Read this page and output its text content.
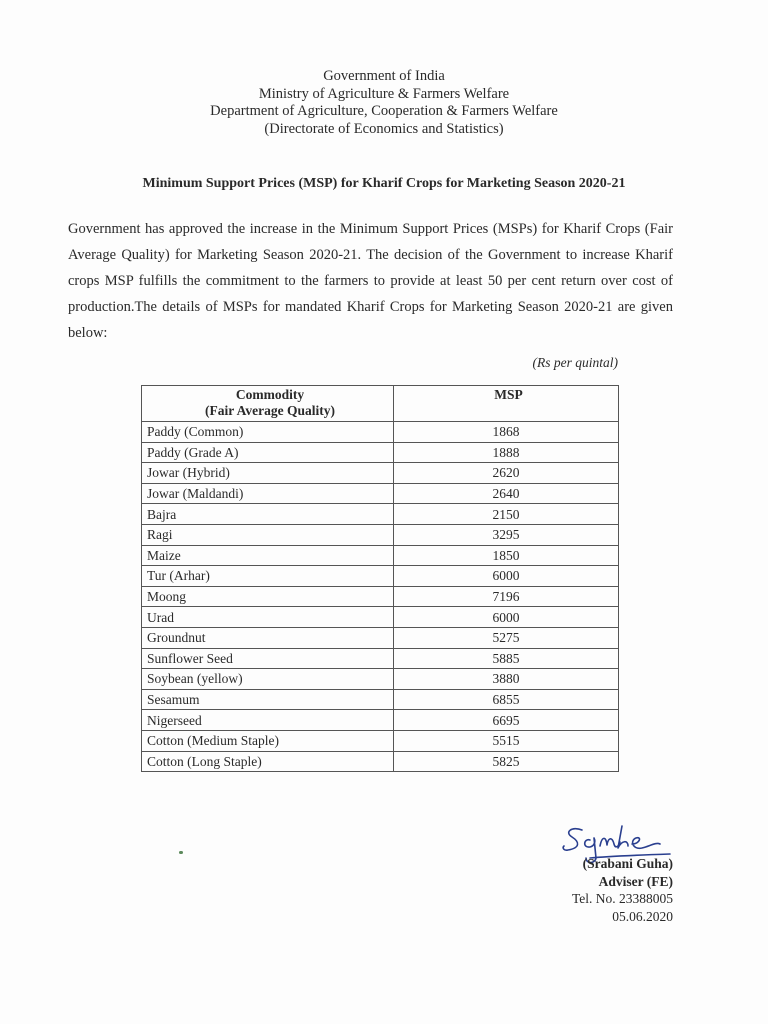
Government of India
Ministry of Agriculture & Farmers Welfare
Department of Agriculture, Cooperation & Farmers Welfare
(Directorate of Economics and Statistics)
Minimum Support Prices (MSP) for Kharif Crops for Marketing Season 2020-21
Government has approved the increase in the Minimum Support Prices (MSPs) for Kharif Crops (Fair Average Quality) for Marketing Season 2020-21. The decision of the Government to increase Kharif crops MSP fulfills the commitment to the farmers to provide at least 50 per cent return over cost of production.The details of MSPs for mandated Kharif Crops for Marketing Season 2020-21 are given below:
(Rs per quintal)
Commodity
(Fair Average Quality)	MSP
Paddy (Common)	1868
Paddy (Grade A)	1888
Jowar (Hybrid)	2620
Jowar (Maldandi)	2640
Bajra	2150
Ragi	3295
Maize	1850
Tur (Arhar)	6000
Moong	7196
Urad	6000
Groundnut	5275
Sunflower Seed	5885
Soybean (yellow)	3880
Sesamum	6855
Nigerseed	6695
Cotton (Medium Staple)	5515
Cotton (Long Staple)	5825
(Srabani Guha)
Adviser (FE)
Tel. No. 23388005
05.06.2020
